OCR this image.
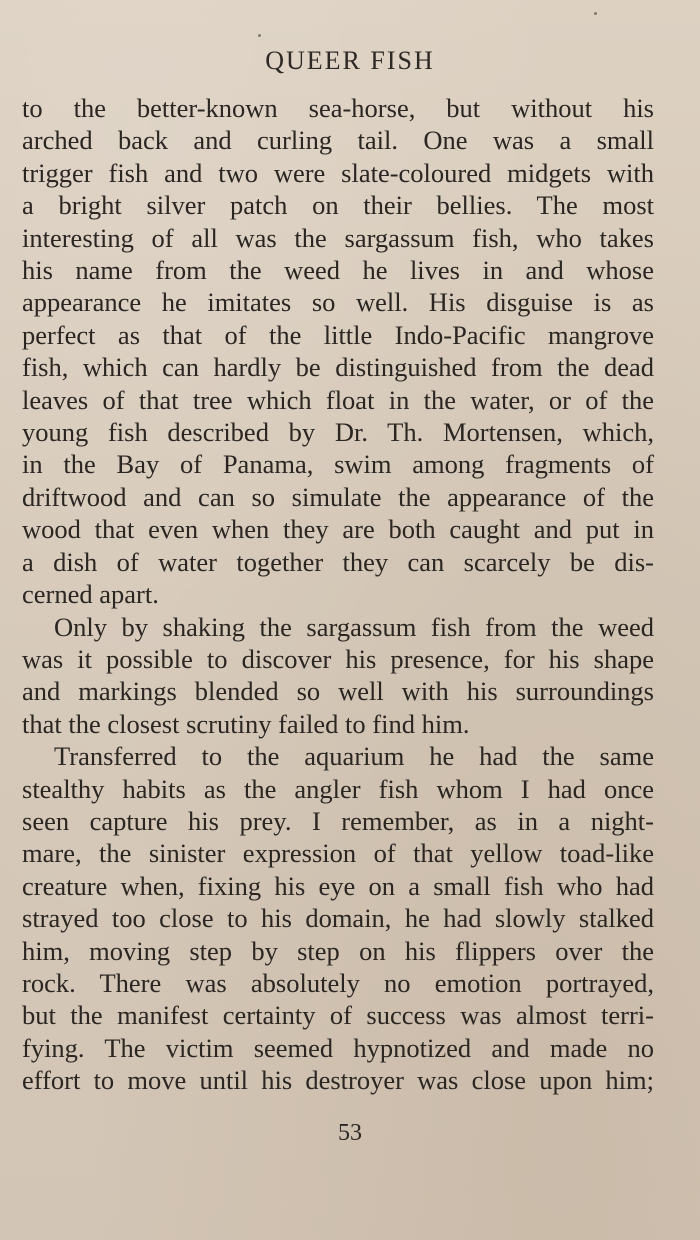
QUEER FISH
to the better-known sea-horse, but without his
arched back and curling tail. One was a small
trigger fish and two were slate-coloured midgets with
a bright silver patch on their bellies. The most
interesting of all was the sargassum fish, who takes
his name from the weed he lives in and whose
appearance he imitates so well. His disguise is as
perfect as that of the little Indo-Pacific mangrove
fish, which can hardly be distinguished from the dead
leaves of that tree which float in the water, or of the
young fish described by Dr. Th. Mortensen, which,
in the Bay of Panama, swim among fragments of
driftwood and can so simulate the appearance of the
wood that even when they are both caught and put in
a dish of water together they can scarcely be dis-
cerned apart.
Only by shaking the sargassum fish from the weed
was it possible to discover his presence, for his shape
and markings blended so well with his surroundings
that the closest scrutiny failed to find him.
Transferred to the aquarium he had the same
stealthy habits as the angler fish whom I had once
seen capture his prey. I remember, as in a night-
mare, the sinister expression of that yellow toad-like
creature when, fixing his eye on a small fish who had
strayed too close to his domain, he had slowly stalked
him, moving step by step on his flippers over the
rock. There was absolutely no emotion portrayed,
but the manifest certainty of success was almost terri-
fying. The victim seemed hypnotized and made no
effort to move until his destroyer was close upon him;
53
